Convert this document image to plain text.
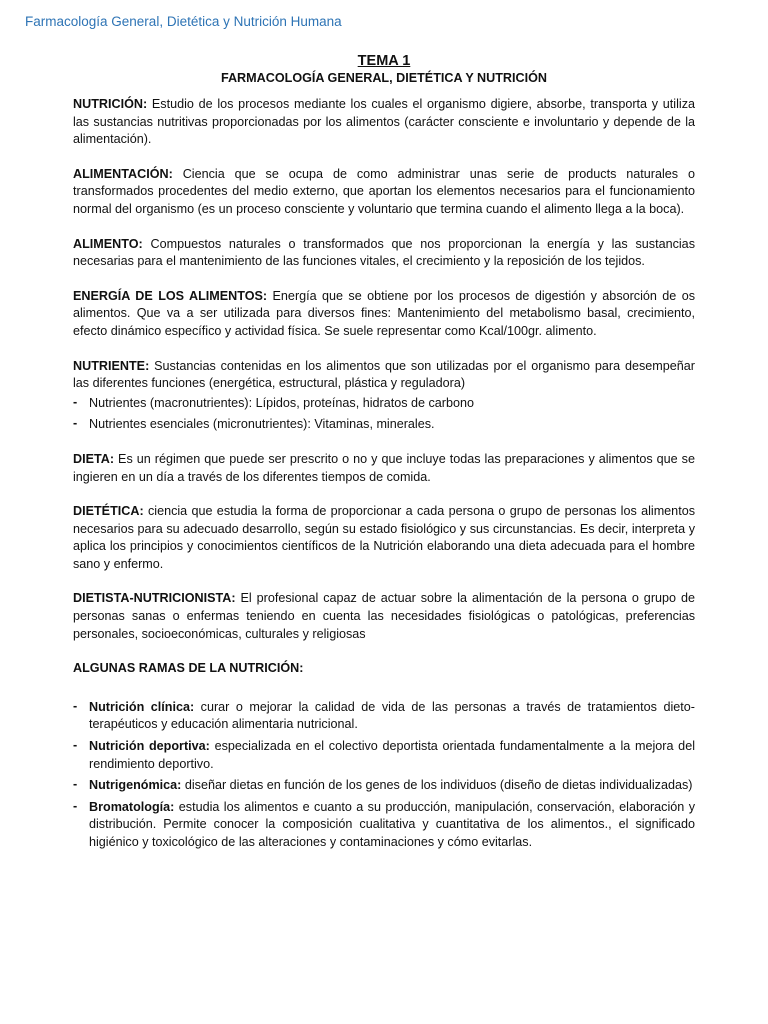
Farmacología General, Dietética y Nutrición Humana
TEMA 1
FARMACOLOGÍA GENERAL, DIETÉTICA Y NUTRICIÓN

NUTRICIÓN: Estudio de los procesos mediante los cuales el organismo digiere, absorbe, transporta y utiliza las sustancias nutritivas proporcionadas por los alimentos (carácter consciente e involuntario y depende de la alimentación).

ALIMENTACIÓN: Ciencia que se ocupa de como administrar unas serie de products naturales o transformados procedentes del medio externo, que aportan los elementos necesarios para el funcionamiento normal del organismo (es un proceso consciente y voluntario que termina cuando el alimento llega a la boca).

ALIMENTO: Compuestos naturales o transformados que nos proporcionan la energía y las sustancias necesarias para el mantenimiento de las funciones vitales, el crecimiento y la reposición de los tejidos.

ENERGÍA DE LOS ALIMENTOS: Energía que se obtiene por los procesos de digestión y absorción de os alimentos. Que va a ser utilizada para diversos fines: Mantenimiento del metabolismo basal, crecimiento, efecto dinámico específico y actividad física. Se suele representar como Kcal/100gr. alimento.

NUTRIENTE: Sustancias contenidas en los alimentos que son utilizadas por el organismo para desempeñar las diferentes funciones (energética, estructural, plástica y reguladora)

- Nutrientes (macronutrientes): Lípidos, proteínas, hidratos de carbono
- Nutrientes esenciales (micronutrientes): Vitaminas, minerales.

DIETA: Es un régimen que puede ser prescrito o no y que incluye todas las preparaciones y alimentos que se ingieren en un día a través de los diferentes tiempos de comida.

DIETÉTICA: ciencia que estudia la forma de proporcionar a cada persona o grupo de personas los alimentos necesarios para su adecuado desarrollo, según su estado fisiológico y sus circunstancias. Es decir, interpreta y aplica los principios y conocimientos científicos de la Nutrición elaborando una dieta adecuada para el hombre sano y enfermo.

DIETISTA-NUTRICIONISTA: El profesional capaz de actuar sobre la alimentación de la persona o grupo de personas sanas o enfermas teniendo en cuenta las necesidades fisiológicas o patológicas, preferencias personales, socioeconómicas, culturales y religiosas

ALGUNAS RAMAS DE LA NUTRICIÓN:
- Nutrición clínica: curar o mejorar la calidad de vida de las personas a través de tratamientos dieto-terapéuticos y educación alimentaria nutricional.
- Nutrición deportiva: especializada en el colectivo deportista orientada fundamentalmente a la mejora del rendimiento deportivo.
- Nutrigenómica: diseñar dietas en función de los genes de los individuos (diseño de dietas individualizadas)
- Bromatología: estudia los alimentos e cuanto a su producción, manipulación, conservación, elaboración y distribución. Permite conocer la composición cualitativa y cuantitativa de los alimentos., el significado higiénico y toxicológico de las alteraciones y contaminaciones y cómo evitarlas.
